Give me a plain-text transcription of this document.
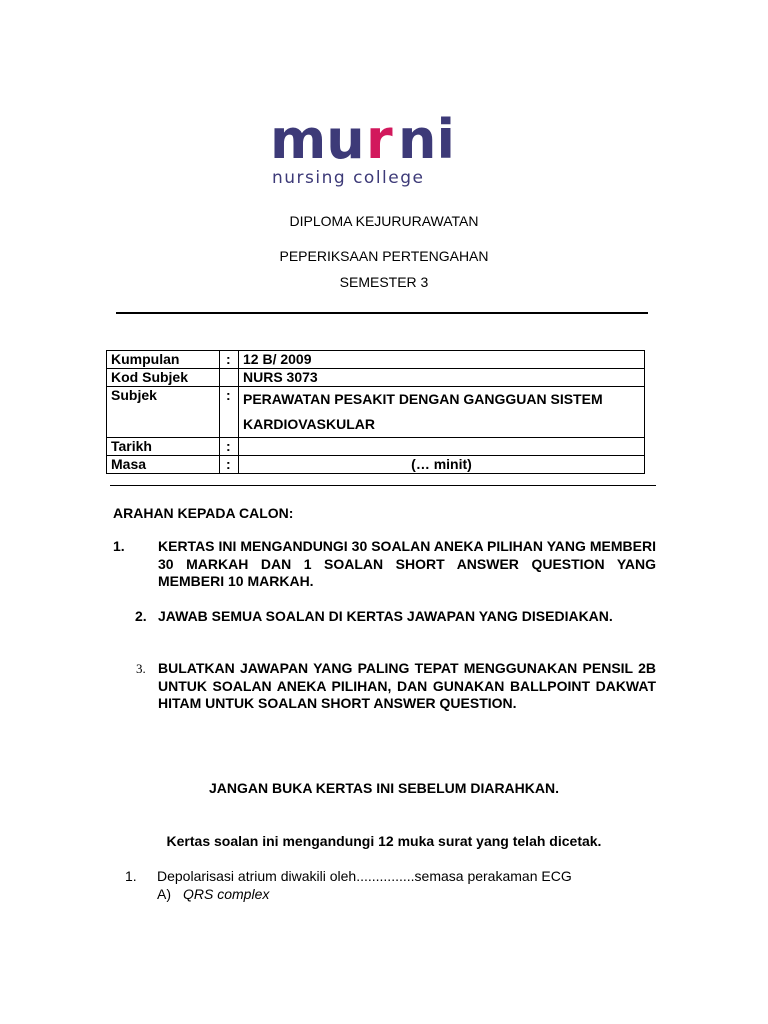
mu r ni
nursing college
DIPLOMA KEJURURAWATAN
PEPERIKSAAN PERTENGAHAN
SEMESTER 3
Kumpulan	:	12 B/ 2009
Kod Subjek		NURS 3073
Subjek	:	PERAWATAN PESAKIT DENGAN GANGGUAN SISTEM
KARDIOVASKULAR

Tarikh	:	
Masa	:	(… minit)
ARAHAN KEPADA CALON:
1. KERTAS INI MENGANDUNGI 30 SOALAN ANEKA PILIHAN YANG MEMBERI 30 MARKAH DAN 1 SOALAN SHORT ANSWER QUESTION YANG MEMBERI 10 MARKAH.
2. JAWAB SEMUA SOALAN DI KERTAS JAWAPAN YANG DISEDIAKAN.
3. BULATKAN JAWAPAN YANG PALING TEPAT MENGGUNAKAN PENSIL 2B UNTUK SOALAN ANEKA PILIHAN, DAN GUNAKAN BALLPOINT DAKWAT HITAM UNTUK SOALAN SHORT ANSWER QUESTION.
JANGAN BUKA KERTAS INI SEBELUM DIARAHKAN.
Kertas soalan ini mengandungi 12 muka surat yang telah dicetak.
1. Depolarisasi atrium diwakili oleh...............semasa perakaman ECG
A) QRS complex
